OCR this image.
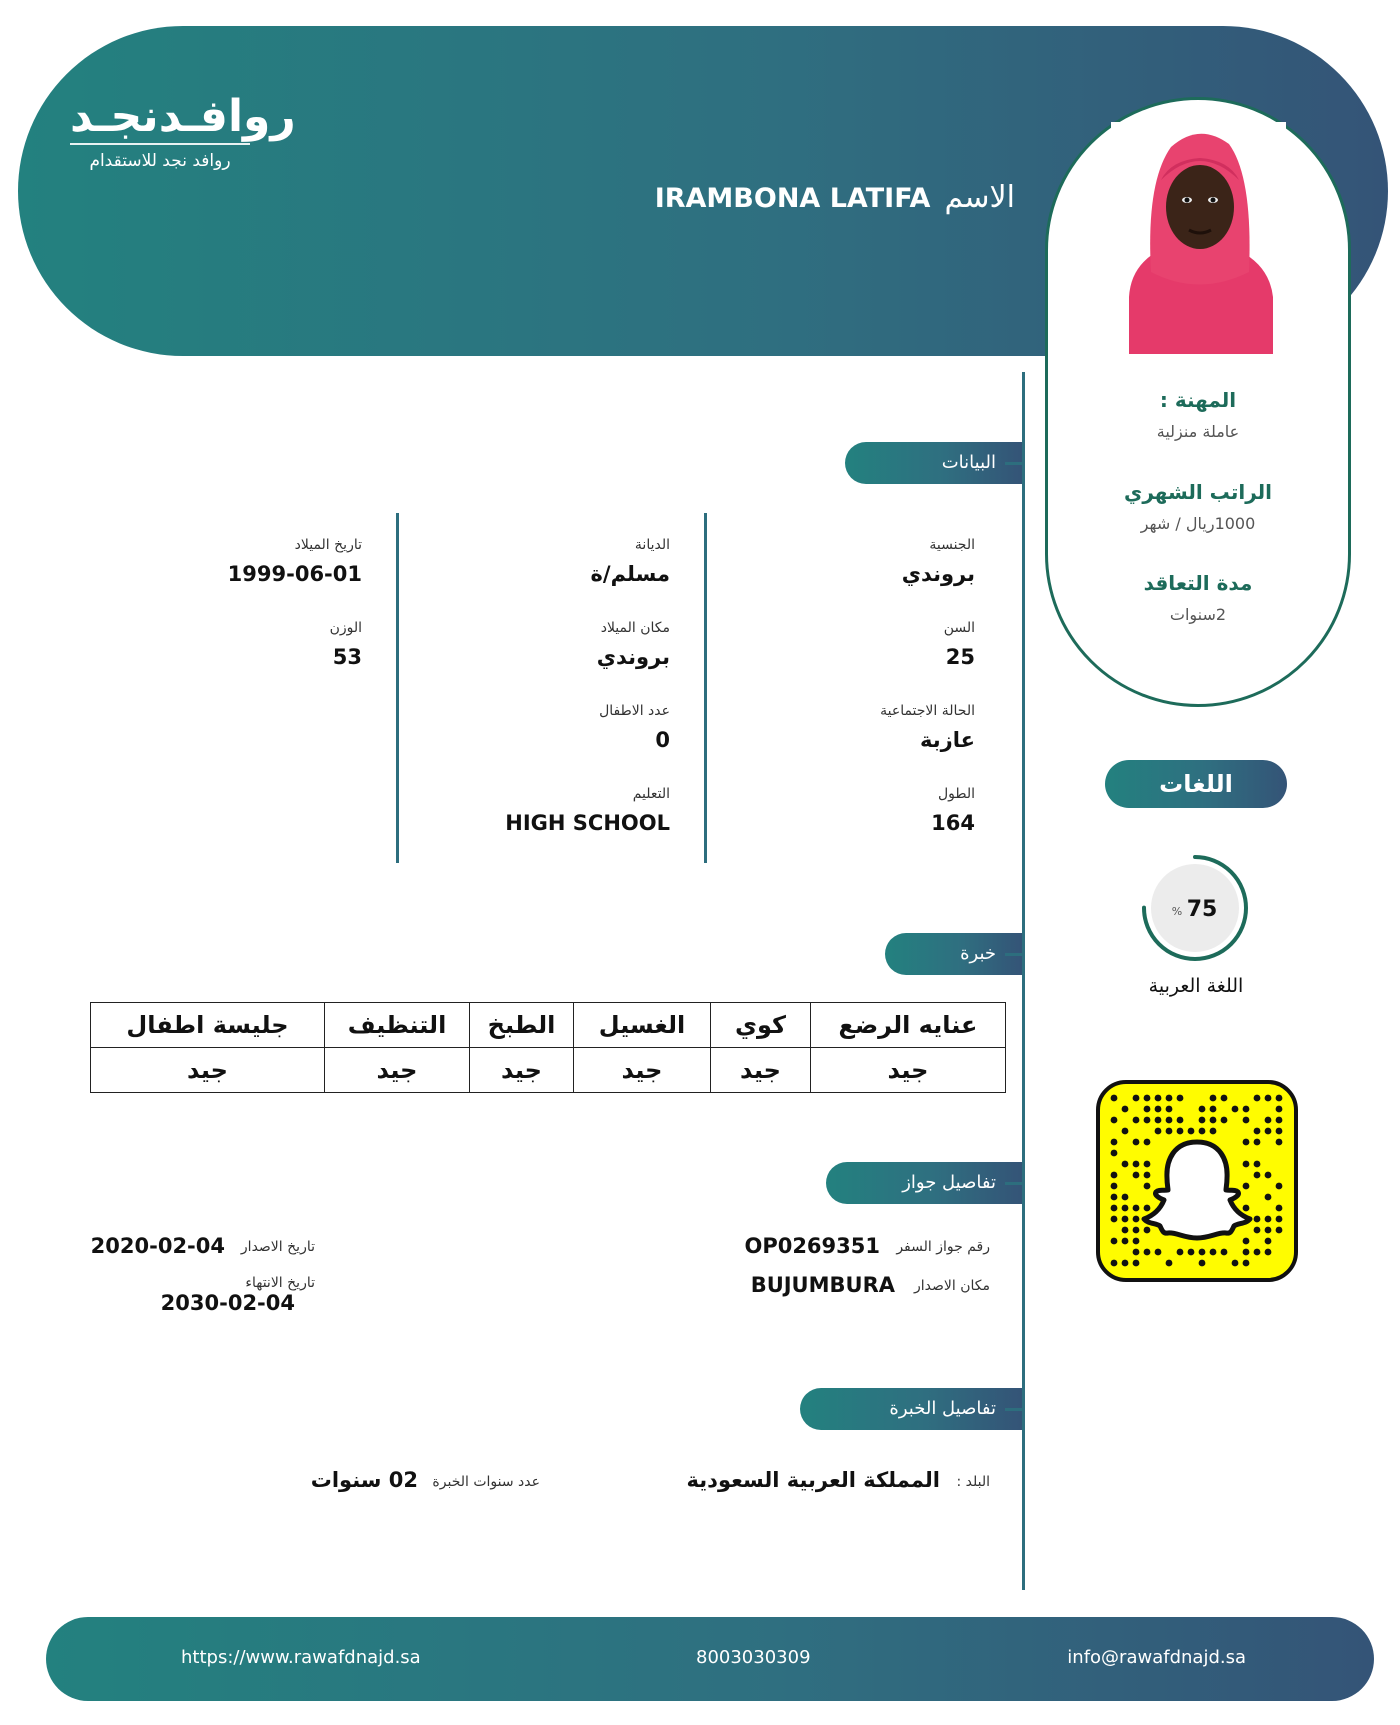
روافـدنجـد
روافد نجد للاستقدام
الاسم
IRAMBONA LATIFA
المهنة :
عاملة منزلية
الراتب الشهري
1000ريال / شهر
مدة التعاقد
2سنوات
البيانات الشخصية
الجنسية
بروندي
السن
25
الحالة الاجتماعية
عازبة
الطول
164
الديانة
مسلم/ة
مكان الميلاد
بروندي
عدد الاطفال
0
التعليم
HIGH SCHOOL
تاريخ الميلاد
1999-06-01
الوزن
53
خبرة العمل
عنايه الرضع	كوي	الغسيل	الطبخ	التنظيف	جليسة اطفال
جيد	جيد	جيد	جيد	جيد	جيد
تفاصيل جواز السفر
رقم جواز السفر
OP0269351
مكان الاصدار
BUJUMBURA
تاريخ الاصدار
2020-02-04
تاريخ الانتهاء
2030-02-04
تفاصيل الخبرة السابقة
البلد :
المملكة العربية السعودية
عدد سنوات الخبرة
02 سنوات
اللغات
75
%
اللغة العربية
https://www.rawafdnajd.sa	8003030309	info@rawafdnajd.sa
